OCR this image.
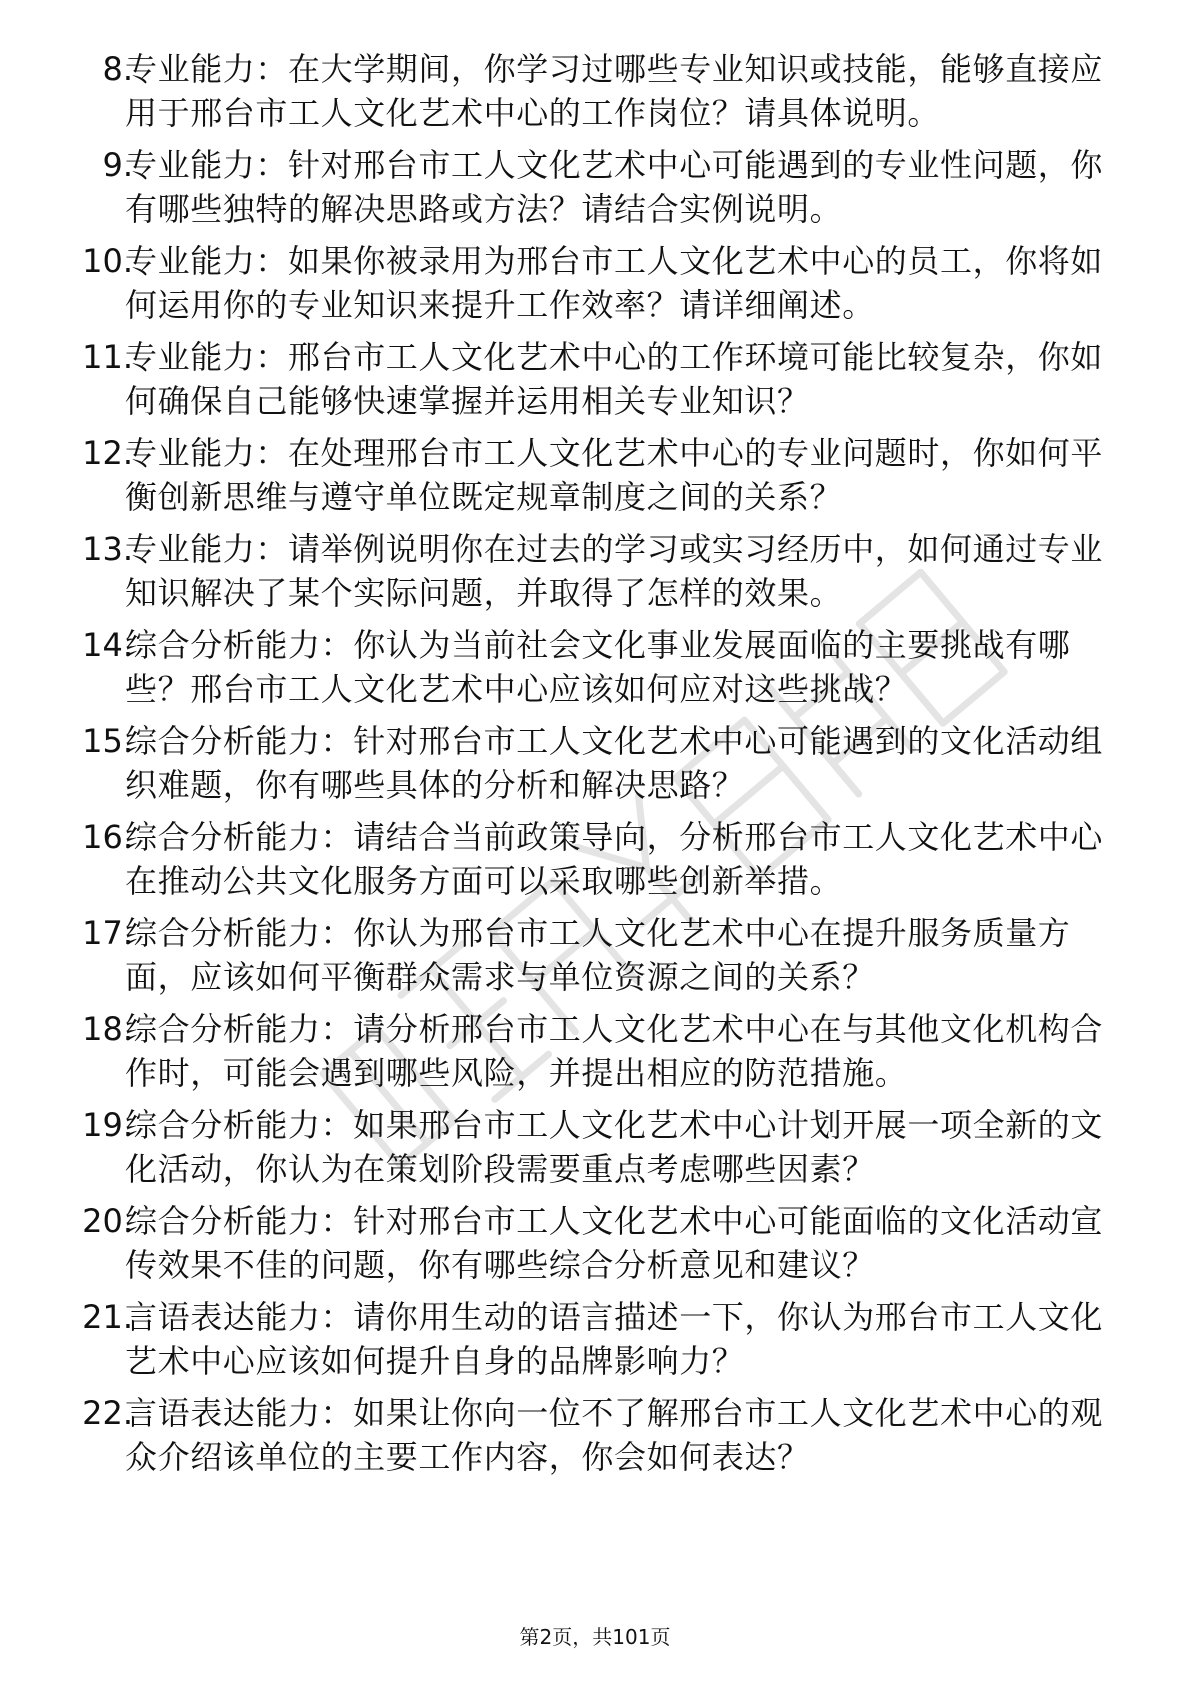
8.
专业能力：在大学期间，你学习过哪些专业知识或技能，能够直接应用于邢台市工人文化艺术中心的工作岗位？请具体说明。
9.
专业能力：针对邢台市工人文化艺术中心可能遇到的专业性问题，你有哪些独特的解决思路或方法？请结合实例说明。
10.
专业能力：如果你被录用为邢台市工人文化艺术中心的员工，你将如何运用你的专业知识来提升工作效率？请详细阐述。
11.
专业能力：邢台市工人文化艺术中心的工作环境可能比较复杂，你如何确保自己能够快速掌握并运用相关专业知识？
12.
专业能力：在处理邢台市工人文化艺术中心的专业问题时，你如何平衡创新思维与遵守单位既定规章制度之间的关系？
13.
专业能力：请举例说明你在过去的学习或实习经历中，如何通过专业知识解决了某个实际问题，并取得了怎样的效果。
14.
综合分析能力：你认为当前社会文化事业发展面临的主要挑战有哪些？邢台市工人文化艺术中心应该如何应对这些挑战？
15.
综合分析能力：针对邢台市工人文化艺术中心可能遇到的文化活动组织难题，你有哪些具体的分析和解决思路？
16.
综合分析能力：请结合当前政策导向，分析邢台市工人文化艺术中心在推动公共文化服务方面可以采取哪些创新举措。
17.
综合分析能力：你认为邢台市工人文化艺术中心在提升服务质量方面，应该如何平衡群众需求与单位资源之间的关系？
18.
综合分析能力：请分析邢台市工人文化艺术中心在与其他文化机构合作时，可能会遇到哪些风险，并提出相应的防范措施。
19.
综合分析能力：如果邢台市工人文化艺术中心计划开展一项全新的文化活动，你认为在策划阶段需要重点考虑哪些因素？
20.
综合分析能力：针对邢台市工人文化艺术中心可能面临的文化活动宣传效果不佳的问题，你有哪些综合分析意见和建议？
21.
言语表达能力：请你用生动的语言描述一下，你认为邢台市工人文化艺术中心应该如何提升自身的品牌影响力？
22.
言语表达能力：如果让你向一位不了解邢台市工人文化艺术中心的观众介绍该单位的主要工作内容，你会如何表达？
第2页，共101页
